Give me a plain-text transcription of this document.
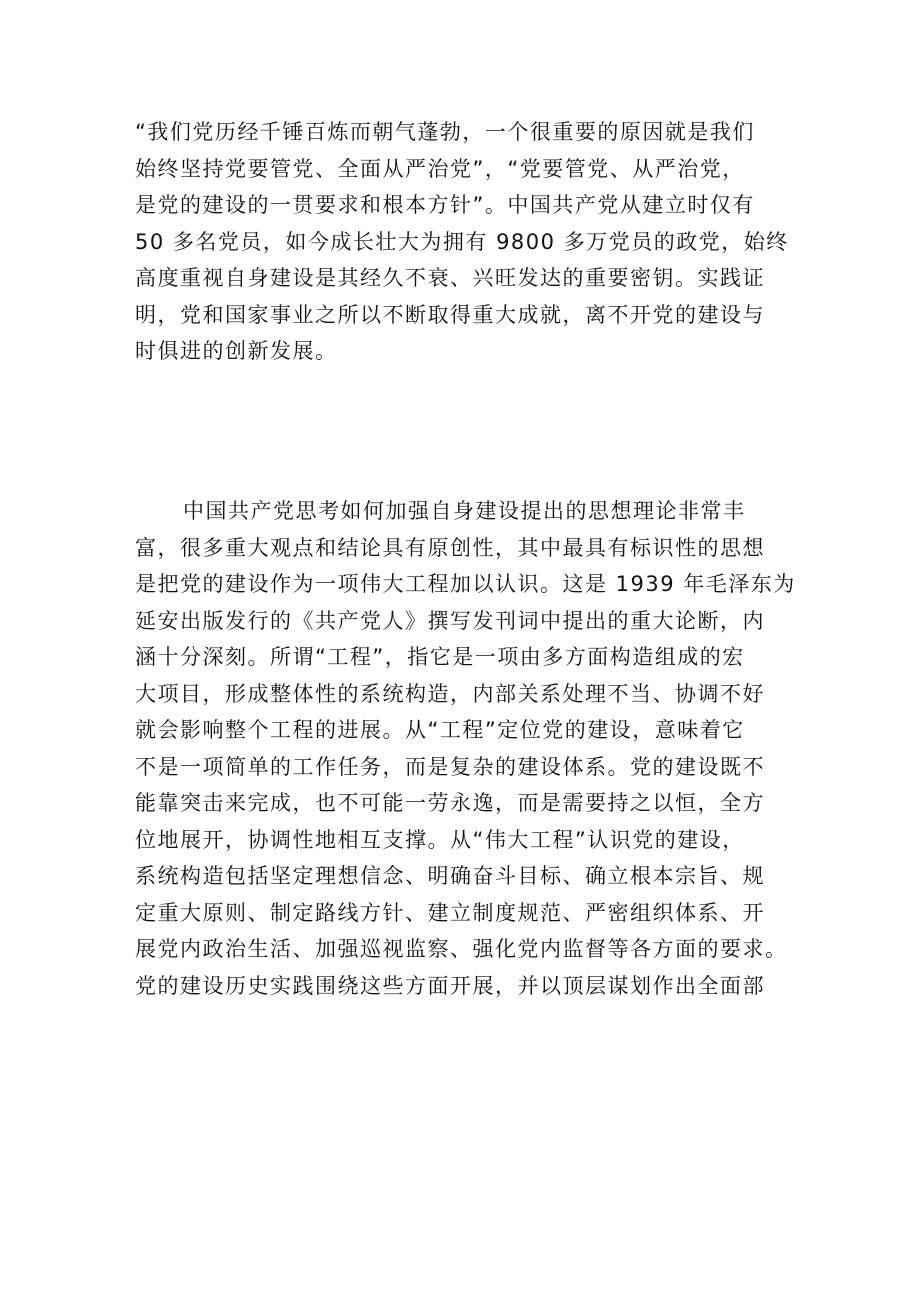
“我们党历经千锤百炼而朝气蓬勃，一个很重要的原因就是我们
始终坚持党要管党、全面从严治党”，“党要管党、从严治党，
是党的建设的一贯要求和根本方针”。中国共产党从建立时仅有
50 多名党员，如今成长壮大为拥有 9800 多万党员的政党，始终
高度重视自身建设是其经久不衰、兴旺发达的重要密钥。实践证
明，党和国家事业之所以不断取得重大成就，离不开党的建设与
时俱进的创新发展。

中国共产党思考如何加强自身建设提出的思想理论非常丰
富，很多重大观点和结论具有原创性，其中最具有标识性的思想
是把党的建设作为一项伟大工程加以认识。这是 1939 年毛泽东为
延安出版发行的《共产党人》撰写发刊词中提出的重大论断，内
涵十分深刻。所谓“工程”，指它是一项由多方面构造组成的宏
大项目，形成整体性的系统构造，内部关系处理不当、协调不好
就会影响整个工程的进展。从“工程”定位党的建设，意味着它
不是一项简单的工作任务，而是复杂的建设体系。党的建设既不
能靠突击来完成，也不可能一劳永逸，而是需要持之以恒，全方
位地展开，协调性地相互支撑。从“伟大工程”认识党的建设，
系统构造包括坚定理想信念、明确奋斗目标、确立根本宗旨、规
定重大原则、制定路线方针、建立制度规范、严密组织体系、开
展党内政治生活、加强巡视监察、强化党内监督等各方面的要求。
党的建设历史实践围绕这些方面开展，并以顶层谋划作出全面部
